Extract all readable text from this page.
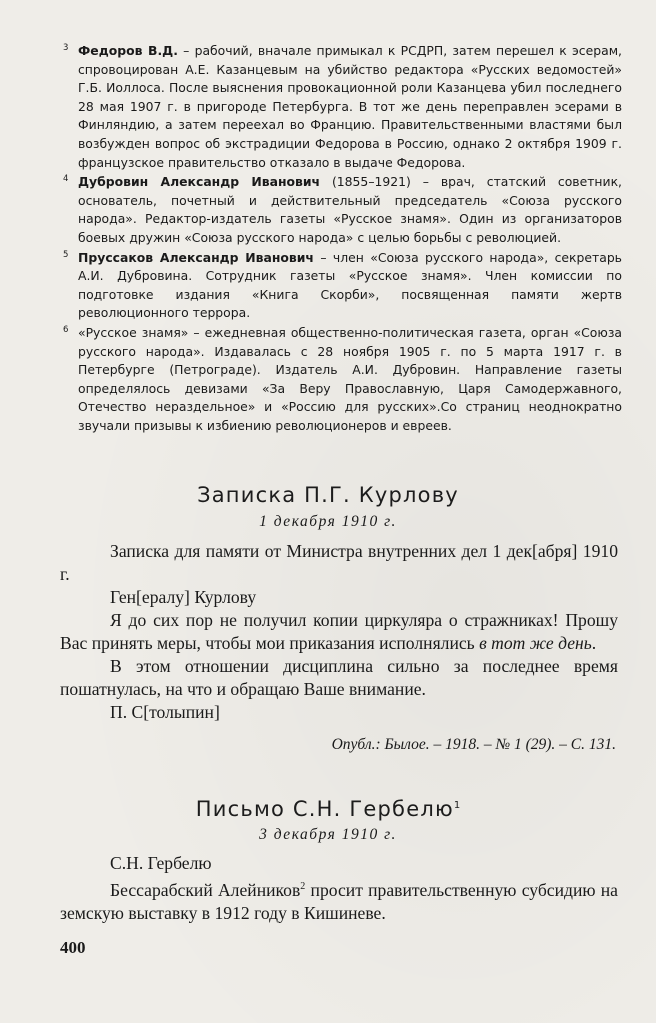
3 Федоров В.Д. – рабочий, вначале примыкал к РСДРП, затем перешел к эсерам, спровоцирован А.Е. Казанцевым на убийство редактора «Русских ведомостей» Г.Б. Иоллоса. После выяснения провокационной роли Казанцева убил последнего 28 мая 1907 г. в пригороде Петербурга. В тот же день переправлен эсерами в Финляндию, а затем переехал во Францию. Правительственными властями был возбужден вопрос об экстрадиции Федорова в Россию, однако 2 октября 1909 г. французское правительство отказало в выдаче Федорова.

4 Дубровин Александр Иванович (1855–1921) – врач, статский советник, основатель, почетный и действительный председатель «Союза русского народа». Редактор-издатель газеты «Русское знамя». Один из организаторов боевых дружин «Союза русского народа» с целью борьбы с революцией.

5 Пруссаков Александр Иванович – член «Союза русского народа», секретарь А.И. Дубровина. Сотрудник газеты «Русское знамя». Член комиссии по подготовке издания «Книга Скорби», посвященная памяти жертв революционного террора.

6 «Русское знамя» – ежедневная общественно-политическая газета, орган «Союза русского народа». Издавалась с 28 ноября 1905 г. по 5 марта 1917 г. в Петербурге (Петрограде). Издатель А.И. Дубровин. Направление газеты определялось девизами «За Веру Православную, Царя Самодержавного, Отечество нераздельное» и «Россию для русских».Со страниц неоднократно звучали призывы к избиению революционеров и евреев.

Записка П.Г. Курлову
1 декабря 1910 г.

Записка для памяти от Министра внутренних дел 1 дек[абря] 1910 г.

Ген[ералу] Курлову

Я до сих пор не получил копии циркуляра о стражниках! Прошу Вас принять меры, чтобы мои приказания исполнялись в тот же день.

В этом отношении дисциплина сильно за последнее время пошатнулась, на что и обращаю Ваше внимание.

П. С[толыпин]

Опубл.: Былое. – 1918. – № 1 (29). – С. 131.
Письмо С.Н. Гербелю$^1$
3 декабря 1910 г.

С.Н. Гербелю

Бессарабский Алейников$^2$ просит правительственную субсидию на земскую выставку в 1912 году в Кишиневе.

400
